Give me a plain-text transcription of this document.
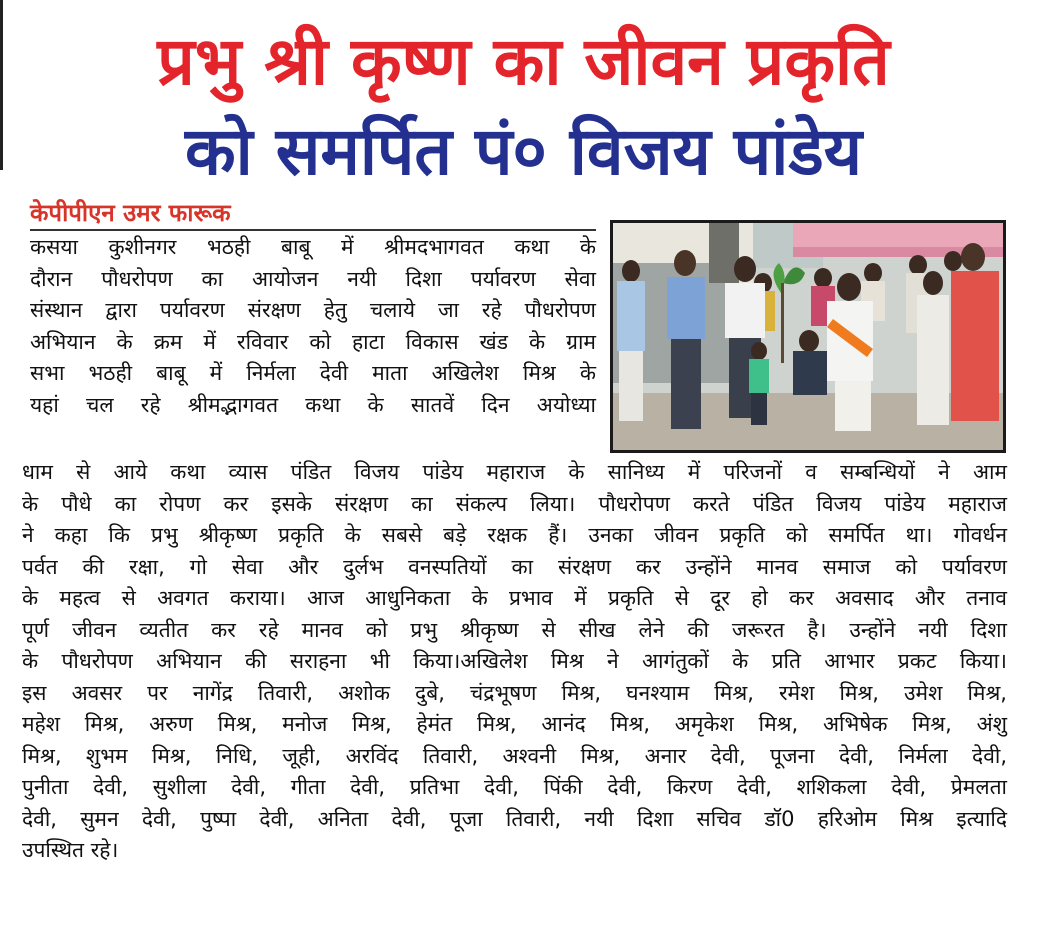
प्रभु श्री कृष्ण का जीवन प्रकृति
को समर्पित पं० विजय पांडेय
केपीपीएन उमर फारूक
कसया कुशीनगर भठही बाबू में श्रीमदभागवत कथा के
दौरान पौधरोपण का आयोजन नयी दिशा पर्यावरण सेवा
संस्थान द्वारा पर्यावरण संरक्षण हेतु चलाये जा रहे पौधरोपण
अभियान के क्रम में रविवार को हाटा विकास खंड के ग्राम
सभा भठही बाबू में निर्मला देवी माता अखिलेश मिश्र के
यहां चल रहे श्रीमद्भागवत कथा के सातवें दिन अयोध्या
धाम से आये कथा व्यास पंडित विजय पांडेय महाराज के सानिध्य में परिजनों व सम्बन्धियों ने आम
के पौधे का रोपण कर इसके संरक्षण का संकल्प लिया। पौधरोपण करते पंडित विजय पांडेय महाराज
ने कहा कि प्रभु श्रीकृष्ण प्रकृति के सबसे बड़े रक्षक हैं। उनका जीवन प्रकृति को समर्पित था। गोवर्धन
पर्वत की रक्षा, गो सेवा और दुर्लभ वनस्पतियों का संरक्षण कर उन्होंने मानव समाज को पर्यावरण
के महत्व से अवगत कराया। आज आधुनिकता के प्रभाव में प्रकृति से दूर हो कर अवसाद और तनाव
पूर्ण जीवन व्यतीत कर रहे मानव को प्रभु श्रीकृष्ण से सीख लेने की जरूरत है। उन्होंने नयी दिशा
के पौधरोपण अभियान की सराहना भी किया।अखिलेश मिश्र ने आगंतुकों के प्रति आभार प्रकट किया।
इस अवसर पर नागेंद्र तिवारी, अशोक दुबे, चंद्रभूषण मिश्र, घनश्याम मिश्र, रमेश मिश्र, उमेश मिश्र,
महेश मिश्र, अरुण मिश्र, मनोज मिश्र, हेमंत मिश्र, आनंद मिश्र, अमृकेश मिश्र, अभिषेक मिश्र, अंशु
मिश्र, शुभम मिश्र, निधि, जूही, अरविंद तिवारी, अश्वनी मिश्र, अनार देवी, पूजना देवी, निर्मला देवी,
पुनीता देवी, सुशीला देवी, गीता देवी, प्रतिभा देवी, पिंकी देवी, किरण देवी, शशिकला देवी, प्रेमलता
देवी, सुमन देवी, पुष्पा देवी, अनिता देवी, पूजा तिवारी, नयी दिशा सचिव डॉ0 हरिओम मिश्र इत्यादि
उपस्थित रहे।
